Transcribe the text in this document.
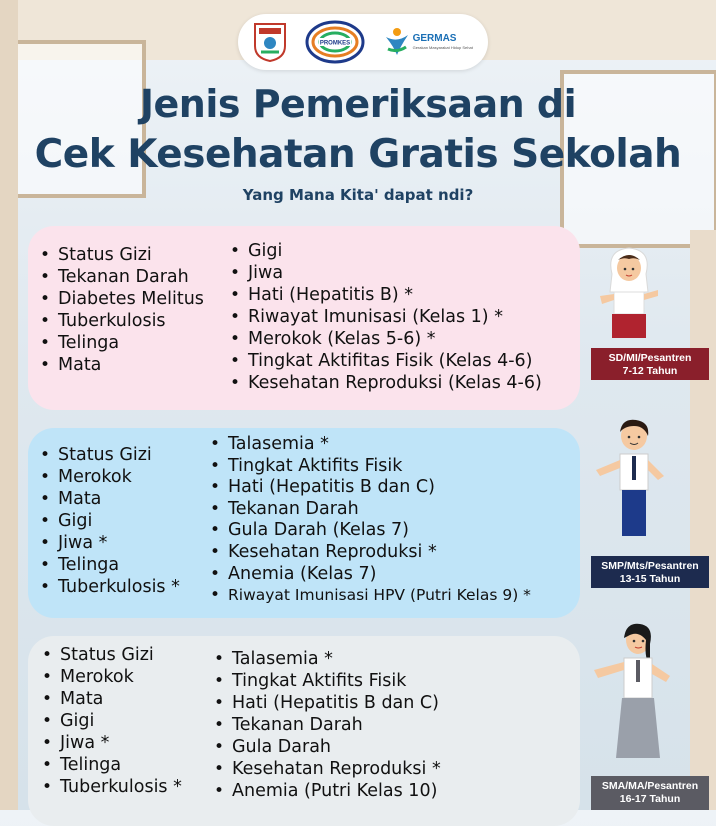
PROMKES	GERMAS
Gerakan Masyarakat Hidup Sehat
Jenis Pemeriksaan di
Cek Kesehatan Gratis Sekolah
Yang Mana Kita' dapat ndi?
• Status Gizi
• Tekanan Darah
• Diabetes Melitus
• Tuberkulosis
• Telinga
• Mata
• Gigi
• Jiwa
• Hati (Hepatitis B) *
• Riwayat Imunisasi (Kelas 1) *
• Merokok (Kelas 5-6) *
• Tingkat Aktifitas Fisik (Kelas 4-6)
• Kesehatan Reproduksi (Kelas 4-6)
• Status Gizi
• Merokok
• Mata
• Gigi
• Jiwa *
• Telinga
• Tuberkulosis *
• Talasemia *
• Tingkat Aktifits Fisik
• Hati (Hepatitis B dan C)
• Tekanan Darah
• Gula Darah (Kelas 7)
• Kesehatan Reproduksi *
• Anemia (Kelas 7)
• Riwayat Imunisasi HPV (Putri Kelas 9) *
• Status Gizi
• Merokok
• Mata
• Gigi
• Jiwa *
• Telinga
• Tuberkulosis *
• Talasemia *
• Tingkat Aktifits Fisik
• Hati (Hepatitis B dan C)
• Tekanan Darah
• Gula Darah
• Kesehatan Reproduksi *
• Anemia (Putri Kelas 10)
SD/MI/Pesantren
7-12 Tahun
SMP/Mts/Pesantren
13-15 Tahun
SMA/MA/Pesantren
16-17 Tahun
